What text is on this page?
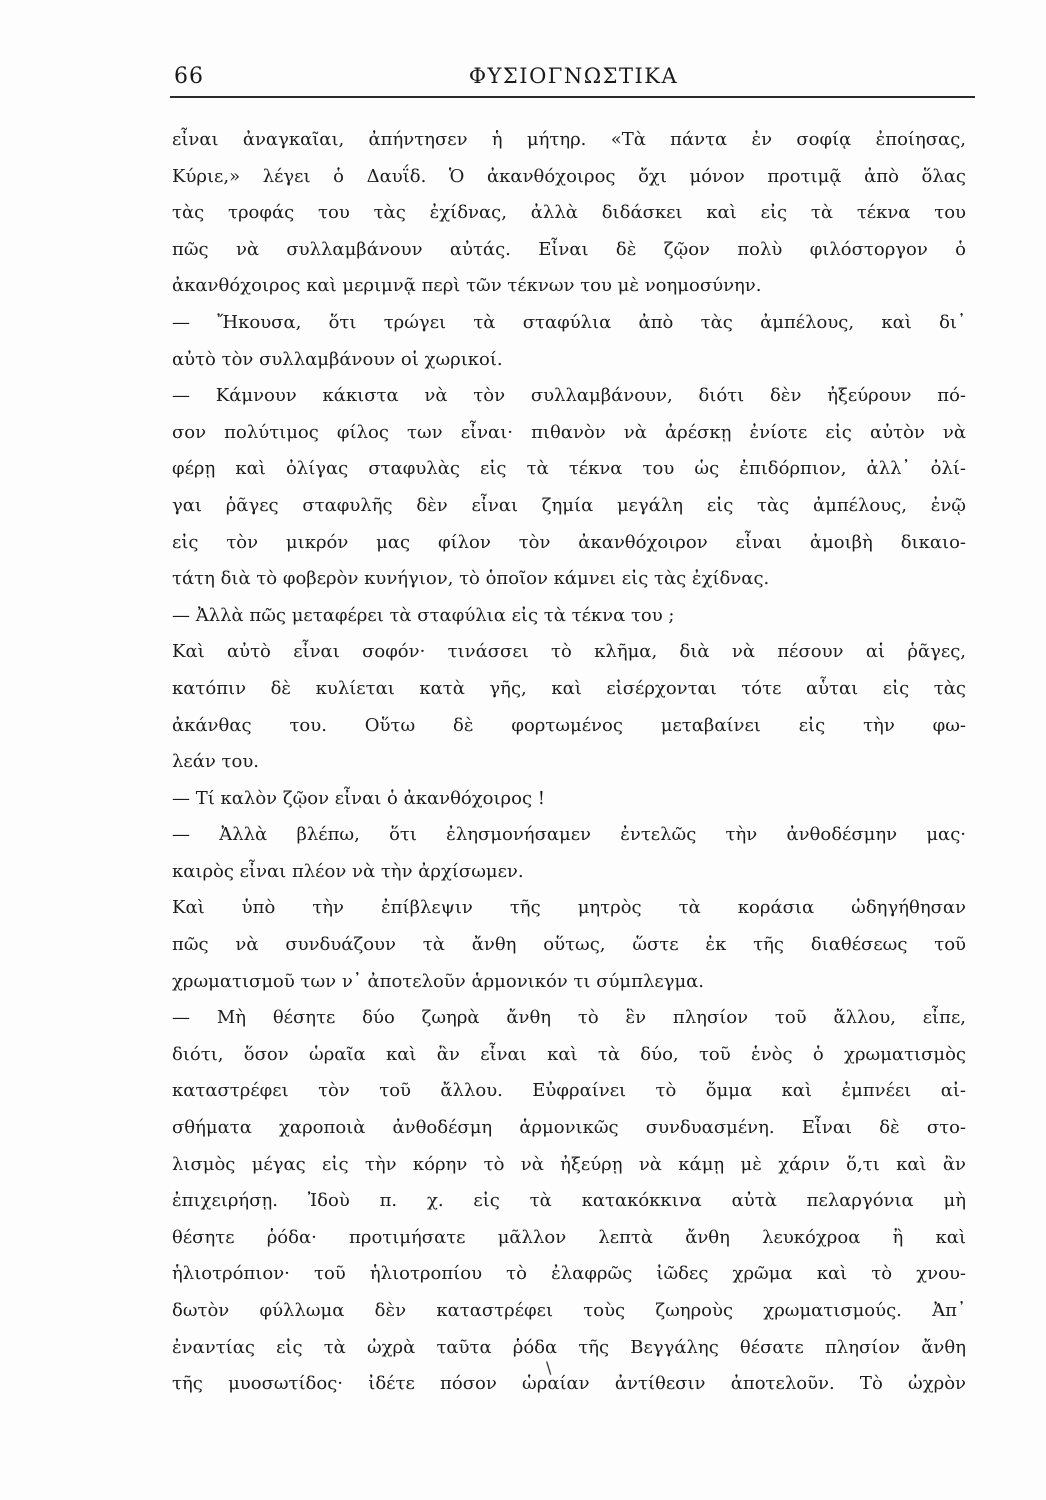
66	ΦΥΣΙΟΓΝΩΣΤΙΚΑ
εἶναι ἀναγκαῖαι, ἀπήντησεν ἡ μήτηρ. «Τὰ πάντα ἐν σοφίᾳ ἐποίησας,
Κύριε,» λέγει ὁ Δαυΐδ. Ὁ ἀκανθόχοιρος ὄχι μόνον προτιμᾷ ἀπὸ ὅλας
τὰς τροφάς του τὰς ἐχίδνας, ἀλλὰ διδάσκει καὶ εἰς τὰ τέκνα του
πῶς νὰ συλλαμβάνουν αὐτάς. Εἶναι δὲ ζῷον πολὺ φιλόστοργον ὁ
ἀκανθόχοιρος καὶ μεριμνᾷ περὶ τῶν τέκνων του μὲ νοημοσύνην.
— Ἤκουσα, ὅτι τρώγει τὰ σταφύλια ἀπὸ τὰς ἀμπέλους, καὶ δι᾽
αὐτὸ τὸν συλλαμβάνουν οἱ χωρικοί.
— Κάμνουν κάκιστα νὰ τὸν συλλαμβάνουν, διότι δὲν ἠξεύρουν πό-
σον πολύτιμος φίλος των εἶναι· πιθανὸν νὰ ἀρέσκῃ ἐνίοτε εἰς αὐτὸν νὰ
φέρῃ καὶ ὀλίγας σταφυλὰς εἰς τὰ τέκνα του ὡς ἐπιδόρπιον, ἀλλ᾽ ὀλί-
γαι ῥᾶγες σταφυλῆς δὲν εἶναι ζημία μεγάλη εἰς τὰς ἀμπέλους, ἐνῷ
εἰς τὸν μικρόν μας φίλον τὸν ἀκανθόχοιρον εἶναι ἀμοιβὴ δικαιο-
τάτη διὰ τὸ φοβερὸν κυνήγιον, τὸ ὁποῖον κάμνει εἰς τὰς ἐχίδνας.
— Ἀλλὰ πῶς μεταφέρει τὰ σταφύλια εἰς τὰ τέκνα του ;
Καὶ αὐτὸ εἶναι σοφόν· τινάσσει τὸ κλῆμα, διὰ νὰ πέσουν αἱ ῥᾶγες,
κατόπιν δὲ κυλίεται κατὰ γῆς, καὶ εἰσέρχονται τότε αὗται εἰς τὰς
ἀκάνθας του. Οὕτω δὲ φορτωμένος μεταβαίνει εἰς τὴν φω-
λεάν του.
— Τί καλὸν ζῷον εἶναι ὁ ἀκανθόχοιρος !
— Ἀλλὰ βλέπω, ὅτι ἐλησμονήσαμεν ἐντελῶς τὴν ἀνθοδέσμην μας·
καιρὸς εἶναι πλέον νὰ τὴν ἀρχίσωμεν.
Καὶ ὑπὸ τὴν ἐπίβλεψιν τῆς μητρὸς τὰ κοράσια ὡδηγήθησαν
πῶς νὰ συνδυάζουν τὰ ἄνθη οὕτως, ὥστε ἐκ τῆς διαθέσεως τοῦ
χρωματισμοῦ των ν᾽ ἀποτελοῦν ἁρμονικόν τι σύμπλεγμα.
— Μὴ θέσητε δύο ζωηρὰ ἄνθη τὸ ἓν πλησίον τοῦ ἄλλου, εἶπε,
διότι, ὅσον ὡραῖα καὶ ἂν εἶναι καὶ τὰ δύο, τοῦ ἑνὸς ὁ χρωματισμὸς
καταστρέφει τὸν τοῦ ἄλλου. Εὐφραίνει τὸ ὄμμα καὶ ἐμπνέει αἰ-
σθήματα χαροποιὰ ἀνθοδέσμη ἁρμονικῶς συνδυασμένη. Εἶναι δὲ στο-
λισμὸς μέγας εἰς τὴν κόρην τὸ νὰ ἠξεύρῃ νὰ κάμῃ μὲ χάριν ὅ,τι καὶ ἂν
ἐπιχειρήσῃ. Ἰδοὺ π. χ. εἰς τὰ κατακόκκινα αὐτὰ πελαργόνια μὴ
θέσητε ῥόδα· προτιμήσατε μᾶλλον λεπτὰ ἄνθη λευκόχροα ἢ καὶ
ἡλιοτρόπιον· τοῦ ἡλιοτροπίου τὸ ἐλαφρῶς ἰῶδες χρῶμα καὶ τὸ χνου-
δωτὸν φύλλωμα δὲν καταστρέφει τοὺς ζωηροὺς χρωματισμούς. Ἀπ᾽
ἐναντίας εἰς τὰ ὠχρὰ ταῦτα ῥόδα τῆς Βεγγάλης θέσατε πλησίον ἄνθη
τῆς μυοσωτίδος· ἰδέτε πόσον ὡραίαν ἀντίθεσιν ἀποτελοῦν. Τὸ ὠχρὸν
\
